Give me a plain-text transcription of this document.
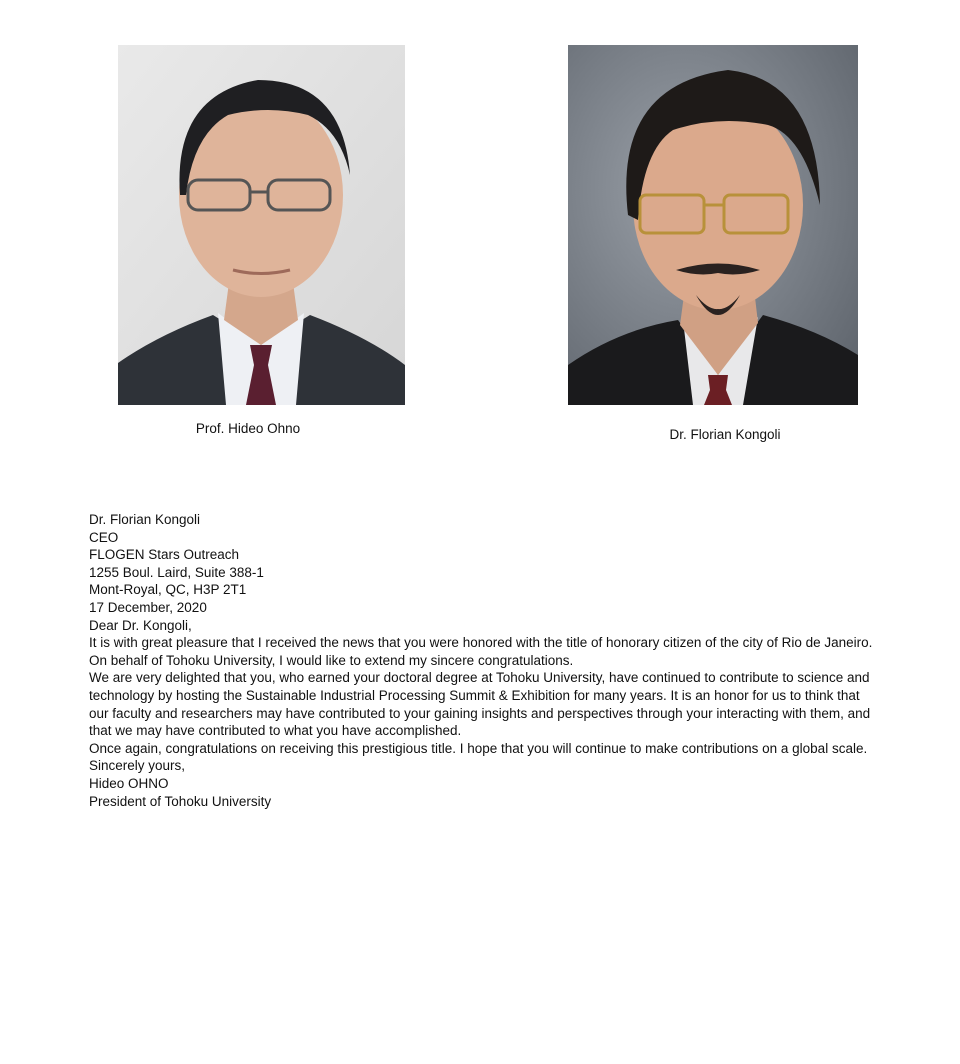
Prof. Hideo Ohno	Dr. Florian Kongoli

Dr. Florian Kongoli
CEO
FLOGEN Stars Outreach
1255 Boul. Laird, Suite 388-1
Mont-Royal, QC, H3P 2T1

17 December, 2020

Dear Dr. Kongoli,

It is with great pleasure that I received the news that you were honored with the title of honorary citizen of the city of Rio de Janeiro. On behalf of Tohoku University, I would like to extend my sincere congratulations.

We are very delighted that you, who earned your doctoral degree at Tohoku University, have continued to contribute to science and technology by hosting the Sustainable Industrial Processing Summit & Exhibition for many years. It is an honor for us to think that our faculty and researchers may have contributed to your gaining insights and perspectives through your interacting with them, and that we may have contributed to what you have accomplished.

Once again, congratulations on receiving this prestigious title. I hope that you will continue to make contributions on a global scale.

Sincerely yours,

Hideo OHNO
President of Tohoku University
